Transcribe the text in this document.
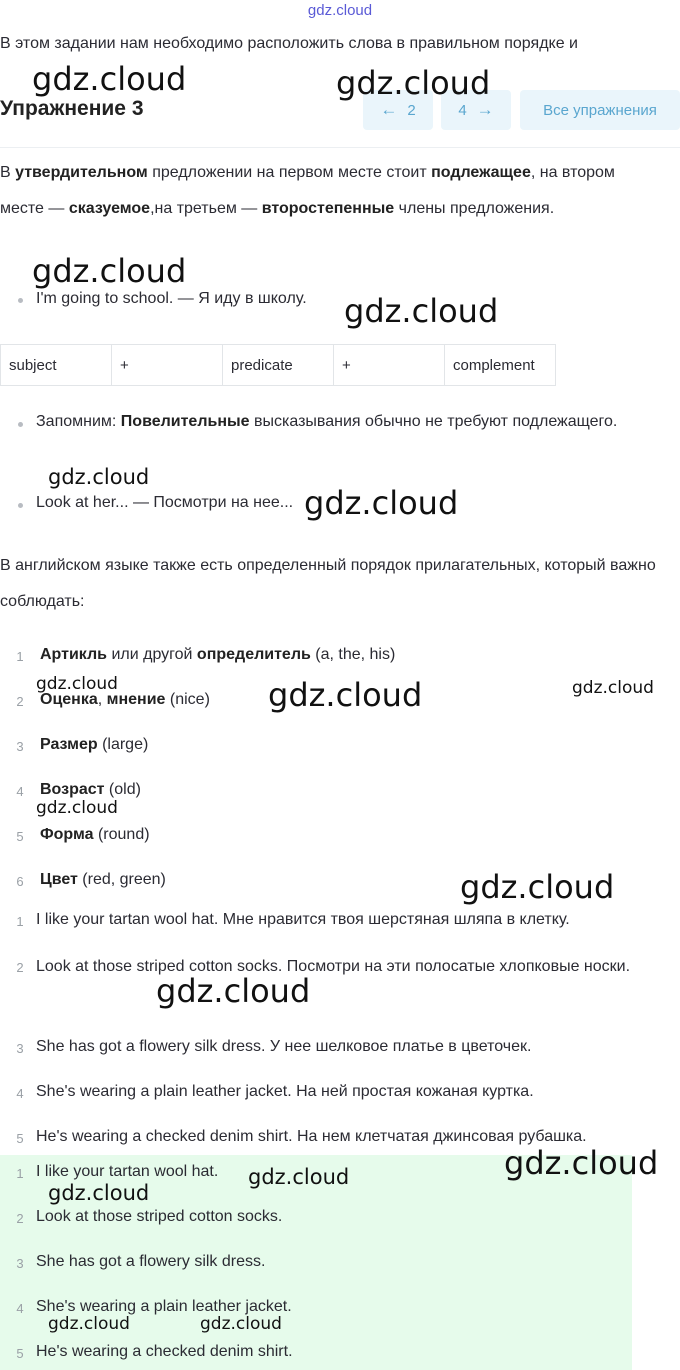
gdz.cloud
В этом задании нам необходимо расположить слова в правильном порядке и
Упражнение 3	← 2	4 →	Все упражнения

В утвердительном предложении на первом месте стоит подлежащее, на втором месте — сказуемое,на третьем — второстепенные члены предложения.

I'm going to school. — Я иду в школу.
subject	+	predicate	+	complement
Запомним: Повелительные высказывания обычно не требуют подлежащего.
Look at her... — Посмотри на нее...

В английском языке также есть определенный порядок прилагательных, который важно соблюдать:

1 Артикль или другой определитель (a, the, his)
2 Оценка, мнение (nice)
3 Размер (large)
4 Возраст (old)
5 Форма (round)
6 Цвет (red, green)
1 I like your tartan wool hat. Мне нравится твоя шерстяная шляпа в клетку.
2 Look at those striped cotton socks. Посмотри на эти полосатые хлопковые носки.
3 She has got a flowery silk dress. У нее шелковое платье в цветочек.
4 She's wearing a plain leather jacket. На ней простая кожаная куртка.
5 He's wearing a checked denim shirt. На нем клетчатая джинсовая рубашка.
1 I like your tartan wool hat.
2 Look at those striped cotton socks.
3 She has got a flowery silk dress.
4 She's wearing a plain leather jacket.
5 He's wearing a checked denim shirt.
gdz.cloud	gdz.cloud
gdz.cloud
gdz.cloud
gdz.cloud
gdz.cloud
gdz.cloud	gdz.cloud	gdz.cloud
gdz.cloud
gdz.cloud
gdz.cloud
gdz.cloud
gdz.cloud
gdz.cloud
gdz.cloud	gdz.cloud
